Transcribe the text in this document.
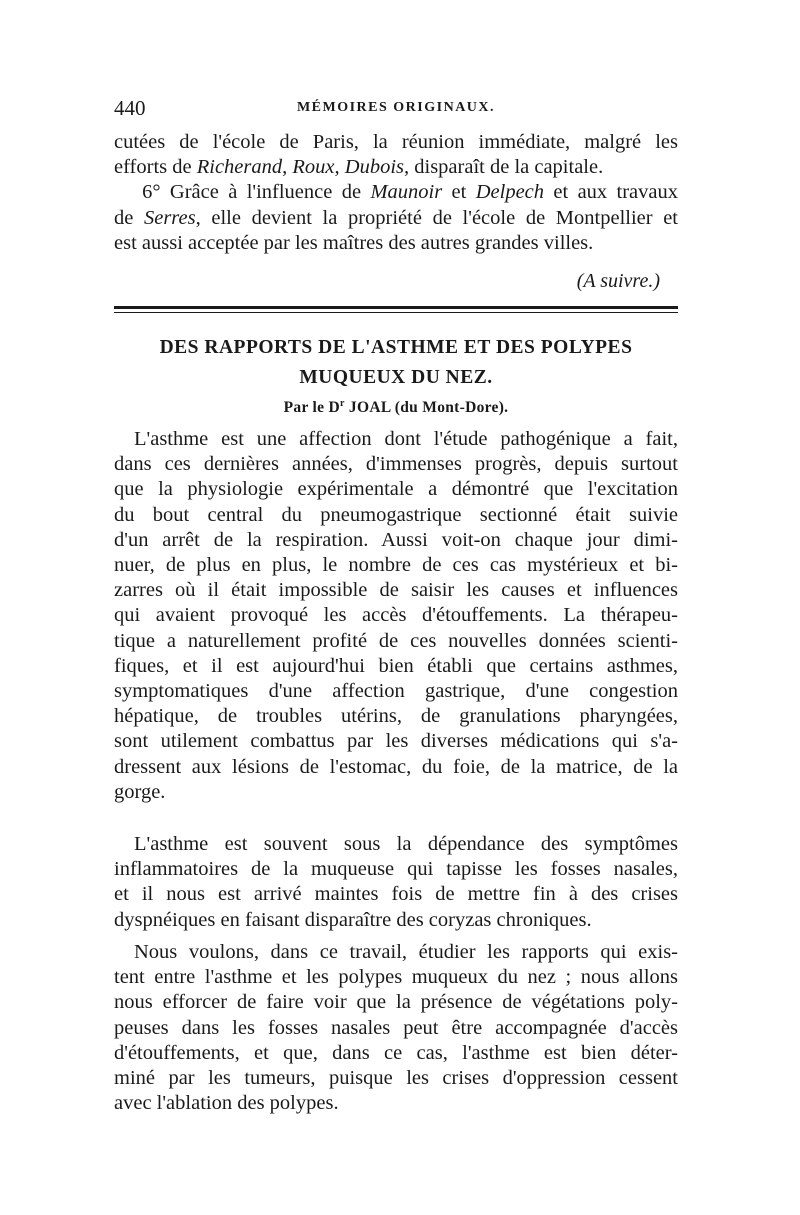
440	MÉMOIRES ORIGINAUX.

cutées de l'école de Paris, la réunion immédiate, malgré les
efforts de Richerand, Roux, Dubois, disparaît de la capitale.
6° Grâce à l'influence de Maunoir et Delpech et aux travaux
de Serres, elle devient la propriété de l'école de Montpellier et
est aussi acceptée par les maîtres des autres grandes villes.

(A suivre.)
DES RAPPORTS DE L'ASTHME ET DES POLYPES
MUQUEUX DU NEZ.
Par le $D^r$ JOAL (du Mont-Dore).

L'asthme est une affection dont l'étude pathogénique a fait,
dans ces dernières années, d'immenses progrès, depuis surtout
que la physiologie expérimentale a démontré que l'excitation
du bout central du pneumogastrique sectionné était suivie
d'un arrêt de la respiration. Aussi voit-on chaque jour dimi-
nuer, de plus en plus, le nombre de ces cas mystérieux et bi-
zarres où il était impossible de saisir les causes et influences
qui avaient provoqué les accès d'étouffements. La thérapeu-
tique a naturellement profité de ces nouvelles données scienti-
fiques, et il est aujourd'hui bien établi que certains asthmes,
symptomatiques d'une affection gastrique, d'une congestion
hépatique, de troubles utérins, de granulations pharyngées,
sont utilement combattus par les diverses médications qui s'a-
dressent aux lésions de l'estomac, du foie, de la matrice, de la
gorge.

L'asthme est souvent sous la dépendance des symptômes
inflammatoires de la muqueuse qui tapisse les fosses nasales,
et il nous est arrivé maintes fois de mettre fin à des crises
dyspnéiques en faisant disparaître des coryzas chroniques.

Nous voulons, dans ce travail, étudier les rapports qui exis-
tent entre l'asthme et les polypes muqueux du nez ; nous allons
nous efforcer de faire voir que la présence de végétations poly-
peuses dans les fosses nasales peut être accompagnée d'accès
d'étouffements, et que, dans ce cas, l'asthme est bien déter-
miné par les tumeurs, puisque les crises d'oppression cessent
avec l'ablation des polypes.
